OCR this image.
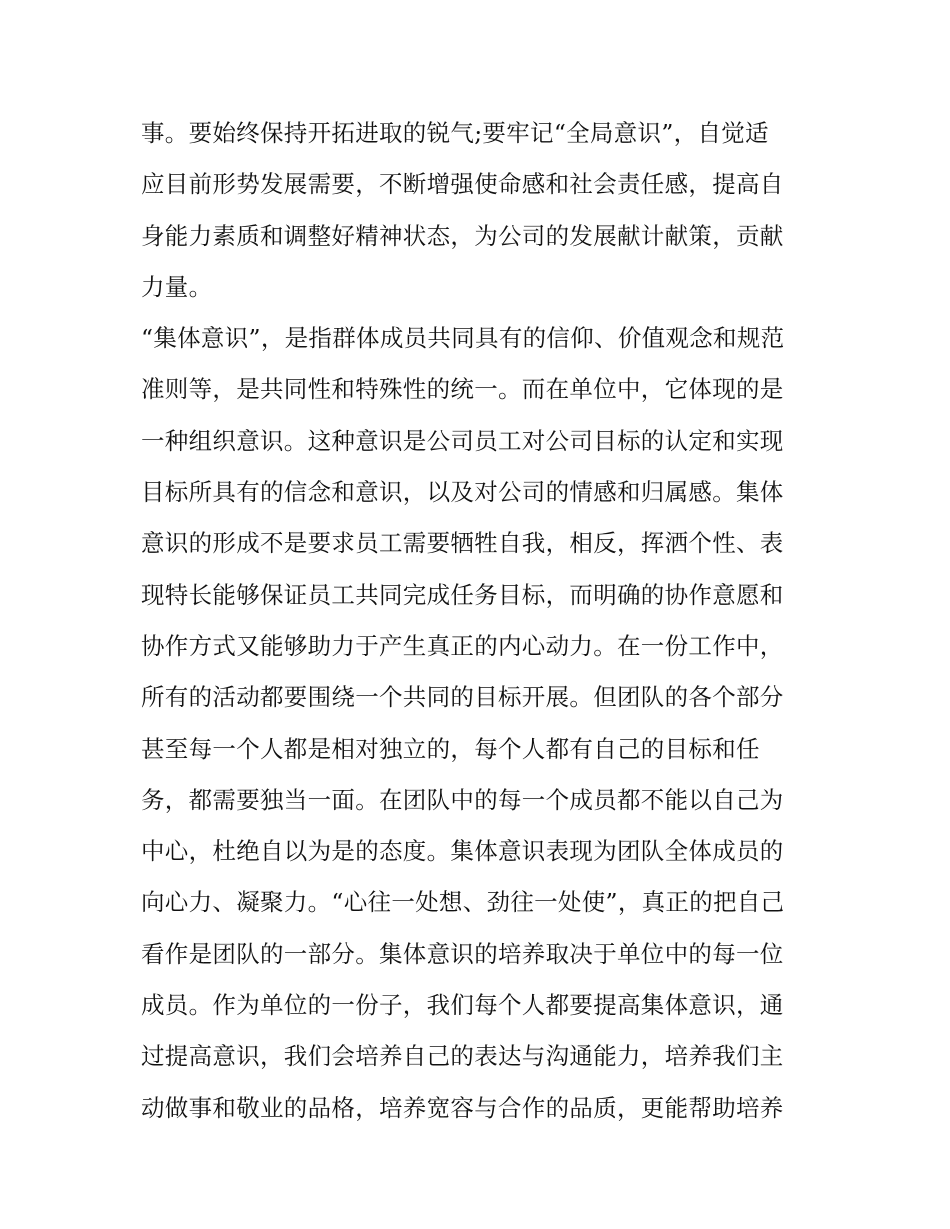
事。要始终保持开拓进取的锐气;要牢记“全局意识”，自觉适
应目前形势发展需要，不断增强使命感和社会责任感，提高自
身能力素质和调整好精神状态，为公司的发展献计献策，贡献
力量。
“集体意识”，是指群体成员共同具有的信仰、价值观念和规范
准则等，是共同性和特殊性的统一。而在单位中，它体现的是
一种组织意识。这种意识是公司员工对公司目标的认定和实现
目标所具有的信念和意识，以及对公司的情感和归属感。集体
意识的形成不是要求员工需要牺牲自我，相反，挥洒个性、表
现特长能够保证员工共同完成任务目标，而明确的协作意愿和
协作方式又能够助力于产生真正的内心动力。在一份工作中，
所有的活动都要围绕一个共同的目标开展。但团队的各个部分
甚至每一个人都是相对独立的，每个人都有自己的目标和任
务，都需要独当一面。在团队中的每一个成员都不能以自己为
中心，杜绝自以为是的态度。集体意识表现为团队全体成员的
向心力、凝聚力。“心往一处想、劲往一处使”，真正的把自己
看作是团队的一部分。集体意识的培养取决于单位中的每一位
成员。作为单位的一份子，我们每个人都要提高集体意识，通
过提高意识，我们会培养自己的表达与沟通能力，培养我们主
动做事和敬业的品格，培养宽容与合作的品质，更能帮助培养
